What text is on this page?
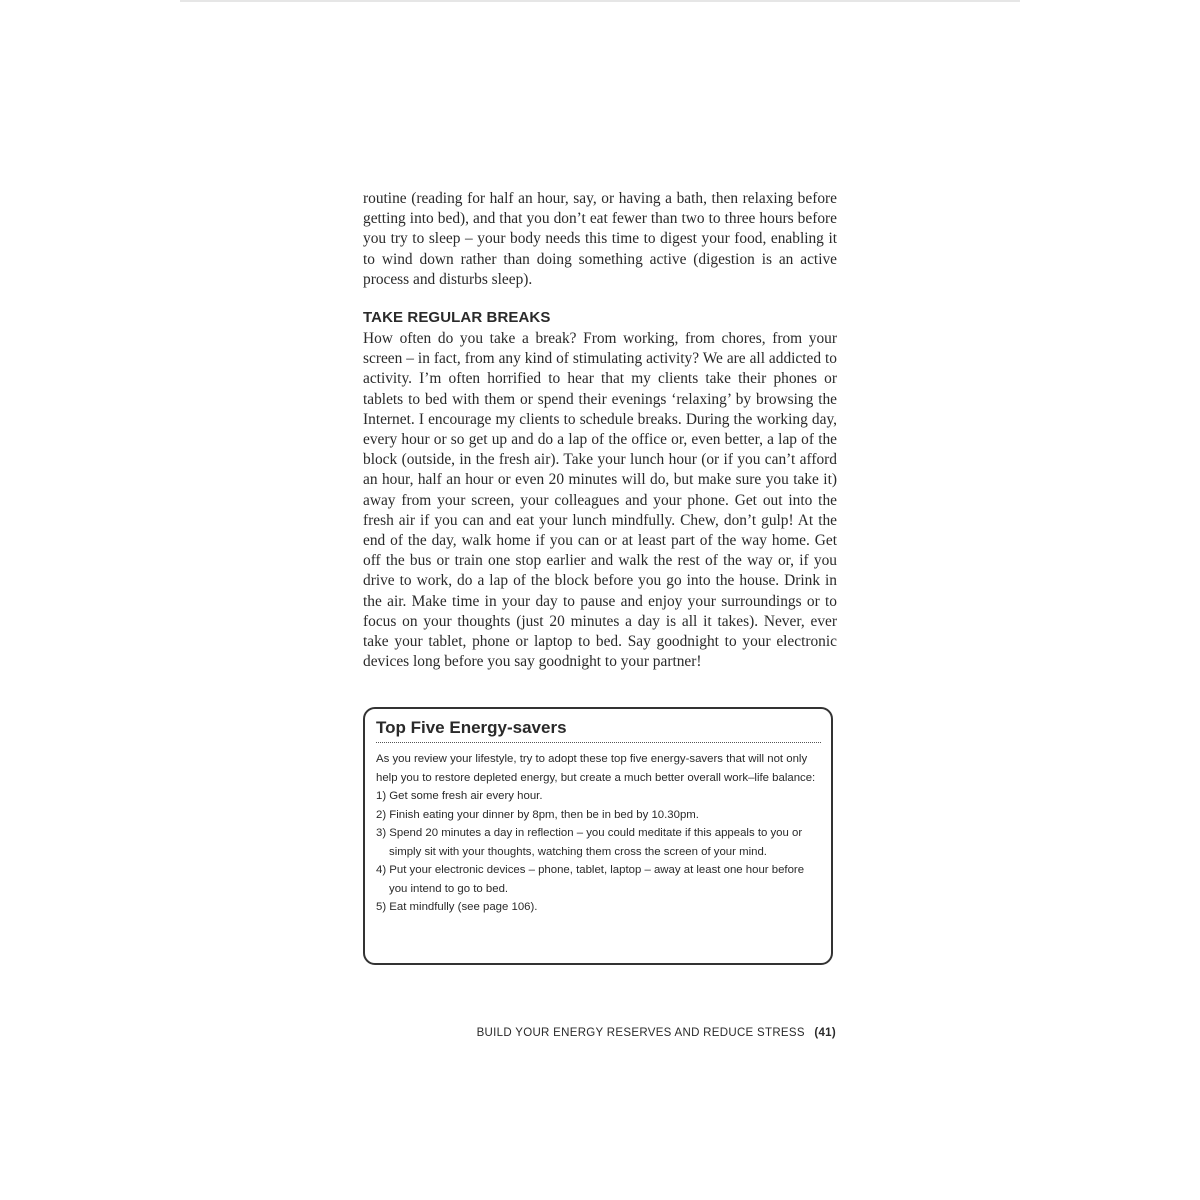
routine (reading for half an hour, say, or having a bath, then relaxing before getting into bed), and that you don’t eat fewer than two to three hours before you try to sleep – your body needs this time to digest your food, enabling it to wind down rather than doing something active (digestion is an active process and disturbs sleep).

TAKE REGULAR BREAKS

How often do you take a break? From working, from chores, from your screen – in fact, from any kind of stimulating activity? We are all addicted to activity. I’m often horrified to hear that my clients take their phones or tablets to bed with them or spend their evenings ‘relaxing’ by browsing the Internet. I encourage my clients to schedule breaks. During the working day, every hour or so get up and do a lap of the office or, even better, a lap of the block (outside, in the fresh air). Take your lunch hour (or if you can’t afford an hour, half an hour or even 20 minutes will do, but make sure you take it) away from your screen, your colleagues and your phone. Get out into the fresh air if you can and eat your lunch mindfully. Chew, don’t gulp! At the end of the day, walk home if you can or at least part of the way home. Get off the bus or train one stop earlier and walk the rest of the way or, if you drive to work, do a lap of the block before you go into the house. Drink in the air. Make time in your day to pause and enjoy your surroundings or to focus on your thoughts (just 20 minutes a day is all it takes). Never, ever take your tablet, phone or laptop to bed. Say goodnight to your electronic devices long before you say goodnight to your partner!

Top Five Energy-savers

As you review your lifestyle, try to adopt these top five energy-savers that will not only help you to restore depleted energy, but create a much better overall work–life balance:

1) Get some fresh air every hour.
2) Finish eating your dinner by 8pm, then be in bed by 10.30pm.
3) Spend 20 minutes a day in reflection – you could meditate if this appeals to you or simply sit with your thoughts, watching them cross the screen of your mind.
4) Put your electronic devices – phone, tablet, laptop – away at least one hour before you intend to go to bed.
5) Eat mindfully (see page 106).
BUILD YOUR ENERGY RESERVES AND REDUCE STRESS (41)
